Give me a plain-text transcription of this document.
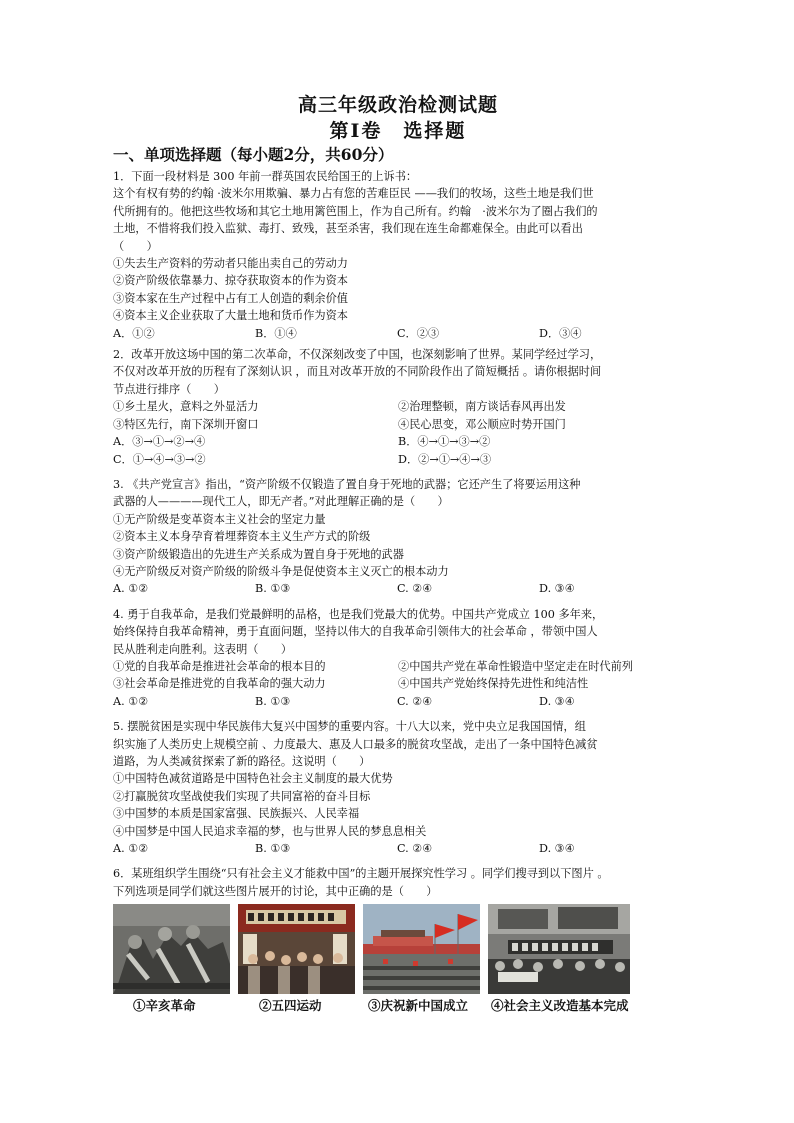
高三年级政治检测试题
第Ⅰ卷　选择题
一、单项选择题（每小题2分，共60分）
1．下面一段材料是 300 年前一群英国农民给国王的上诉书：
这个有权有势的约翰 ·波米尔用欺骗、暴力占有您的苦难臣民 ——我们的牧场，这些土地是我们世
代所拥有的。他把这些牧场和其它土地用篱笆围上，作为自己所有。约翰　·波米尔为了圈占我们的
土地，不惜将我们投入监狱、毒打、致残，甚至杀害，我们现在连生命都难保全。由此可以看出
（　　）
①失去生产资料的劳动者只能出卖自己的劳动力
②资产阶级依靠暴力、掠夺获取资本的作为资本
③资本家在生产过程中占有工人创造的剩余价值
④资本主义企业获取了大量土地和货币作为资本
A．①②	B．①④	C．②③	D．③④
2．改革开放这场中国的第二次革命，不仅深刻改变了中国，也深刻影响了世界。某同学经过学习，
不仅对改革开放的历程有了深刻认识 ，而且对改革开放的不同阶段作出了简短概括 。请你根据时间
节点进行排序（　　）
①乡土星火，意料之外显活力	②治理整顿，南方谈话春风再出发
③特区先行，南下深圳开窗口	④民心思变，邓公顺应时势开国门
A．③→①→②→④	B．④→①→③→②
C．①→④→③→②	D．②→①→④→③
3. 《共产党宣言》指出，“资产阶级不仅锻造了置自身于死地的武器；它还产生了将要运用这种
武器的人————现代工人，即无产者。”对此理解正确的是（　　）
①无产阶级是变革资本主义社会的坚定力量
②资本主义本身孕育着埋葬资本主义生产方式的阶级
③资产阶级锻造出的先进生产关系成为置自身于死地的武器
④无产阶级反对资产阶级的阶级斗争是促使资本主义灭亡的根本动力
A. ①②	B. ①③	C. ②④	D. ③④
4. 勇于自我革命，是我们党最鲜明的品格，也是我们党最大的优势。中国共产党成立 100 多年来，
始终保持自我革命精神，勇于直面问题，坚持以伟大的自我革命引领伟大的社会革命 ，带领中国人
民从胜利走向胜利。这表明（　　）
①党的自我革命是推进社会革命的根本目的	②中国共产党在革命性锻造中坚定走在时代前列
③社会革命是推进党的自我革命的强大动力	④中国共产党始终保持先进性和纯洁性
A. ①②	B. ①③	C. ②④	D. ③④
5. 摆脱贫困是实现中华民族伟大复兴中国梦的重要内容。十八大以来，党中央立足我国国情，组
织实施了人类历史上规模空前 、力度最大、惠及人口最多的脱贫攻坚战，走出了一条中国特色减贫
道路，为人类减贫探索了新的路径。这说明（　　）
①中国特色减贫道路是中国特色社会主义制度的最大优势
②打赢脱贫攻坚战使我们实现了共同富裕的奋斗目标
③中国梦的本质是国家富强、民族振兴、人民幸福
④中国梦是中国人民追求幸福的梦，也与世界人民的梦息息相关
A. ①②	B. ①③	C. ②④	D. ③④
6．某班组织学生围绕“只有社会主义才能救中国”的主题开展探究性学习 。同学们搜寻到以下图片 。
下列选项是同学们就这些图片展开的讨论，其中正确的是（　　）
①辛亥革命	②五四运动	③庆祝新中国成立	④社会主义改造基本完成
